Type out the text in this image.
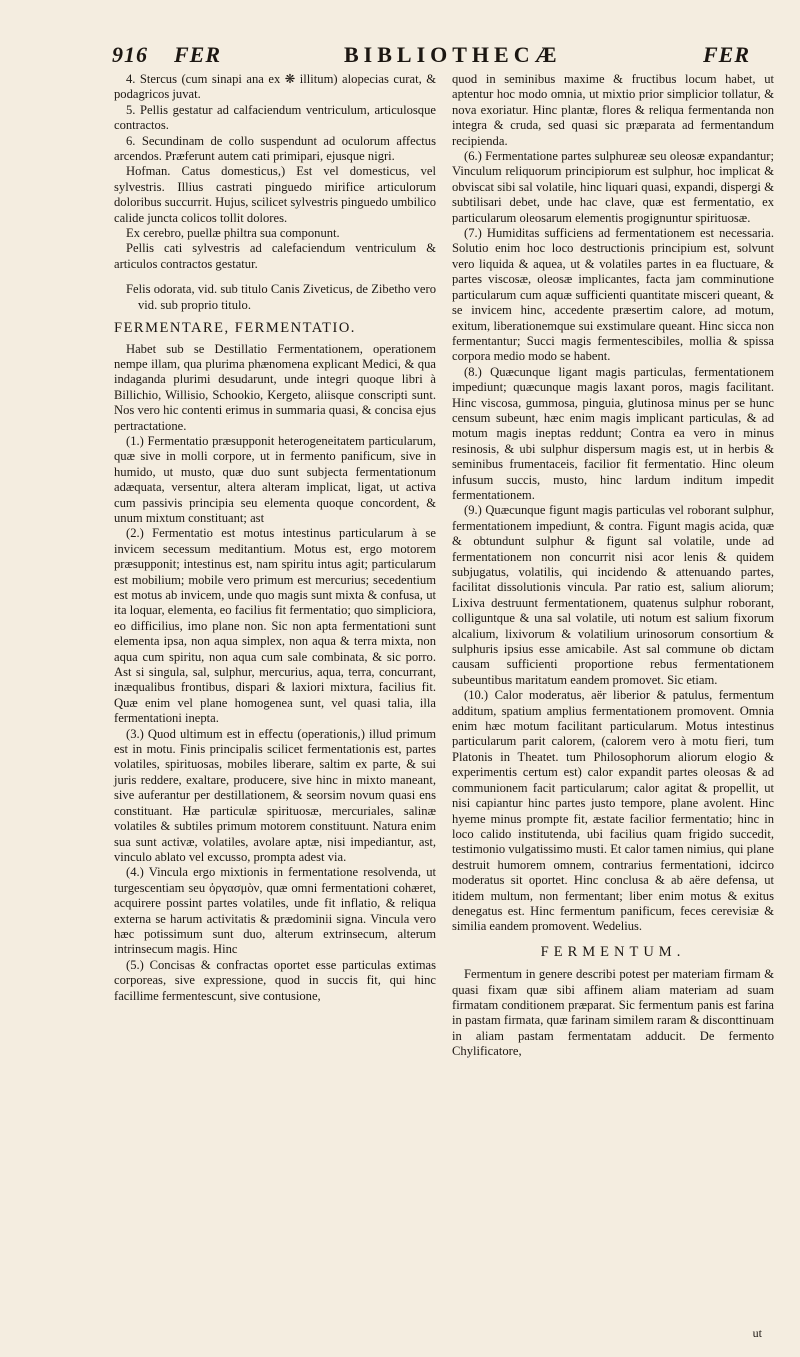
916 FER	BIBLIOTHECÆ	FER

4. Stercus (cum sinapi ana ex ❋ illitum) alopecias curat, & podagricos juvat.

5. Pellis gestatur ad calfaciendum ventriculum, articulosque contractos.

6. Secundinam de collo suspendunt ad oculorum affectus arcendos. Præferunt autem cati primipari, ejusque nigri.

Hofman. Catus domesticus,) Est vel domesticus, vel sylvestris. Illius castrati pinguedo mirifice articulorum doloribus succurrit. Hujus, scilicet sylvestris pinguedo umbilico calide juncta colicos tollit dolores.

Ex cerebro, puellæ philtra sua componunt.

Pellis cati sylvestris ad calefaciendum ventriculum & articulos contractos gestatur.

Felis odorata, vid. sub titulo Canis Ziveticus, de Zibetho vero vid. sub proprio titulo.

FERMENTARE, FERMENTATIO.

Habet sub se Destillatio Fermentationem, operationem nempe illam, qua plurima phænomena explicant Medici, & qua indaganda plurimi desudarunt, unde integri quoque libri à Billichio, Willisio, Schookio, Kergeto, aliisque conscripti sunt. Nos vero hic contenti erimus in summaria quasi, & concisa ejus pertractatione.

(1.) Fermentatio præsupponit heterogeneitatem particularum, quæ sive in molli corpore, ut in fermento panificum, sive in humido, ut musto, quæ duo sunt subjecta fermentationum adæquata, versentur, altera alteram implicat, ligat, ut activa cum passivis principia seu elementa quoque concordent, & unum mixtum constituant; ast

(2.) Fermentatio est motus intestinus particularum à se invicem secessum meditantium. Motus est, ergo motorem præsupponit; intestinus est, nam spiritu intus agit; particularum est mobilium; mobile vero primum est mercurius; secedentium est motus ab invicem, unde quo magis sunt mixta & confusa, ut ita loquar, elementa, eo facilius fit fermentatio; quo simpliciora, eo difficilius, imo plane non. Sic non apta fermentationi sunt elementa ipsa, non aqua simplex, non aqua & terra mixta, non aqua cum spiritu, non aqua cum sale combinata, & sic porro. Ast si singula, sal, sulphur, mercurius, aqua, terra, concurrant, inæqualibus frontibus, dispari & laxiori mixtura, facilius fit. Quæ enim vel plane homogenea sunt, vel quasi talia, illa fermentationi inepta.

(3.) Quod ultimum est in effectu (operationis,) illud primum est in motu. Finis principalis scilicet fermentationis est, partes volatiles, spirituosas, mobiles liberare, saltim ex parte, & sui juris reddere, exaltare, producere, sive hinc in mixto maneant, sive auferantur per destillationem, & seorsim novum quasi ens constituant. Hæ particulæ spirituosæ, mercuriales, salinæ volatiles & subtiles primum motorem constituunt. Natura enim sua sunt activæ, volatiles, avolare aptæ, nisi impediantur, ast, vinculo ablato vel excusso, prompta adest via.

(4.) Vincula ergo mixtionis in fermentatione resolvenda, ut turgescentiam seu ὀργασμὸν, quæ omni fermentationi cohæret, acquirere possint partes volatiles, unde fit inflatio, & reliqua externa se harum activitatis & prædominii signa. Vincula vero hæc potissimum sunt duo, alterum extrinsecum, alterum intrinsecum magis. Hinc

(5.) Concisas & confractas oportet esse particulas extimas corporeas, sive expressione, quod in succis fit, qui hinc facillime fermentescunt, sive contusione,

quod in seminibus maxime & fructibus locum habet, ut aptentur hoc modo omnia, ut mixtio prior simplicior tollatur, & nova exoriatur. Hinc plantæ, flores & reliqua fermentanda non integra & cruda, sed quasi sic præparata ad fermentandum recipienda.

(6.) Fermentatione partes sulphureæ seu oleosæ expandantur; Vinculum reliquorum principiorum est sulphur, hoc implicat & obviscat sibi sal volatile, hinc liquari quasi, expandi, dispergi & subtilisari debet, unde hac clave, quæ est fermentatio, ex particularum oleosarum elementis progignuntur spirituosæ.

(7.) Humiditas sufficiens ad fermentationem est necessaria. Solutio enim hoc loco destructionis principium est, solvunt vero liquida & aquea, ut & volatiles partes in ea fluctuare, & partes viscosæ, oleosæ implicantes, facta jam comminutione particularum cum aquæ sufficienti quantitate misceri queant, & se invicem hinc, accedente præsertim calore, ad motum, exitum, liberationemque sui exstimulare queant. Hinc sicca non fermentantur; Succi magis fermentescibiles, mollia & spissa corpora medio modo se habent.

(8.) Quæcunque ligant magis particulas, fermentationem impediunt; quæcunque magis laxant poros, magis facilitant. Hinc viscosa, gummosa, pinguia, glutinosa minus per se hunc censum subeunt, hæc enim magis implicant particulas, & ad motum magis ineptas reddunt; Contra ea vero in minus resinosis, & ubi sulphur dispersum magis est, ut in herbis & seminibus frumentaceis, facilior fit fermentatio. Hinc oleum infusum succis, musto, hinc lardum inditum impedit fermentationem.

(9.) Quæcunque figunt magis particulas vel roborant sulphur, fermentationem impediunt, & contra. Figunt magis acida, quæ & obtundunt sulphur & figunt sal volatile, unde ad fermentationem non concurrit nisi acor lenis & quidem subjugatus, volatilis, qui incidendo & attenuando partes, facilitat dissolutionis vincula. Par ratio est, salium aliorum; Lixiva destruunt fermentationem, quatenus sulphur roborant, colliguntque & una sal volatile, uti notum est salium fixorum alcalium, lixivorum & volatilium urinosorum consortium & sulphuris ipsius esse amicabile. Ast sal commune ob dictam causam sufficienti proportione rebus fermentationem subeuntibus maritatum eandem promovet. Sic etiam.

(10.) Calor moderatus, aër liberior & patulus, fermentum additum, spatium amplius fermentationem promovent. Omnia enim hæc motum facilitant particularum. Motus intestinus particularum parit calorem, (calorem vero à motu fieri, tum Platonis in Theatet. tum Philosophorum aliorum elogio & experimentis certum est) calor expandit partes oleosas & ad communionem facit particularum; calor agitat & propellit, ut nisi capiantur hinc partes justo tempore, plane avolent. Hinc hyeme minus prompte fit, æstate facilior fermentatio; hinc in loco calido institutenda, ubi facilius quam frigido succedit, testimonio vulgatissimo musti. Et calor tamen nimius, qui plane destruit humorem omnem, contrarius fermentationi, idcirco moderatus sit oportet. Hinc conclusa & ab aëre defensa, ut itidem multum, non fermentant; liber enim motus & exitus denegatus est. Hinc fermentum panificum, feces cerevisiæ & similia eandem promovent. Wedelius.

FERMENTUM.

Fermentum in genere describi potest per materiam firmam & quasi fixam quæ sibi affinem aliam materiam ad suam firmatam conditionem præparat. Sic fermentum panis est farina in pastam firmata, quæ farinam similem raram & disconttinuam in aliam pastam fermentatam adducit. De fermento Chylificatore,

ut
